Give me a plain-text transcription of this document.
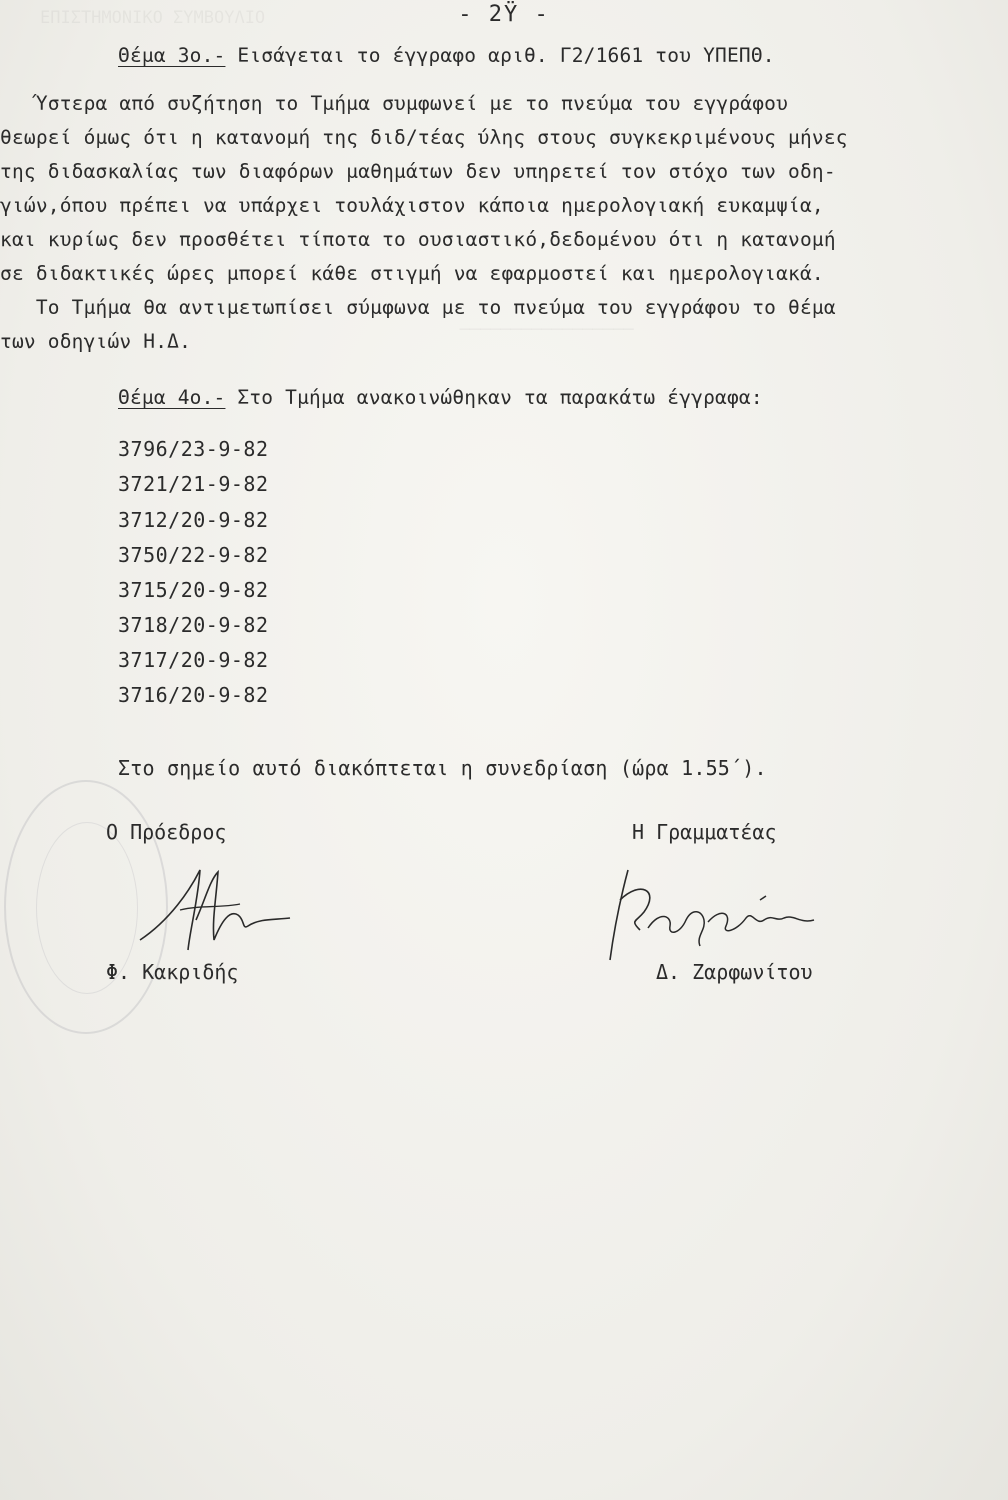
- 2Ϋ -
Θέμα 3ο.- Εισάγεται το έγγραφο αριθ. Γ2/1661 του ΥΠΕΠΘ.
Ύστερα από συζήτηση το Τμήμα συμφωνεί με το πνεύμα του εγγράφου
θεωρεί όμως ότι η κατανομή της διδ/τέας ύλης στους συγκεκριμένους μήνες
της διδασκαλίας των διαφόρων μαθημάτων δεν υπηρετεί τον στόχο των οδη-
γιών,όπου πρέπει να υπάρχει τουλάχιστον κάποια ημερολογιακή ευκαμψία,
και κυρίως δεν προσθέτει τίποτα το ουσιαστικό,δεδομένου ότι η κατανομή
σε διδακτικές ώρες μπορεί κάθε στιγμή να εφαρμοστεί και ημερολογιακά.
Το Τμήμα θα αντιμετωπίσει σύμφωνα με το πνεύμα του εγγράφου το θέμα
των οδηγιών Η.Δ.
Θέμα 4ο.- Στο Τμήμα ανακοινώθηκαν τα παρακάτω έγγραφα:
3796/23-9-82
3721/21-9-82
3712/20-9-82
3750/22-9-82
3715/20-9-82
3718/20-9-82
3717/20-9-82
3716/20-9-82
Στο σημείο αυτό διακόπτεται η συνεδρίαση (ώρα 1.55΄).
Ο Πρόεδρος	Η Γραμματέας
Φ. Κακριδής	Δ. Ζαρφωνίτου
